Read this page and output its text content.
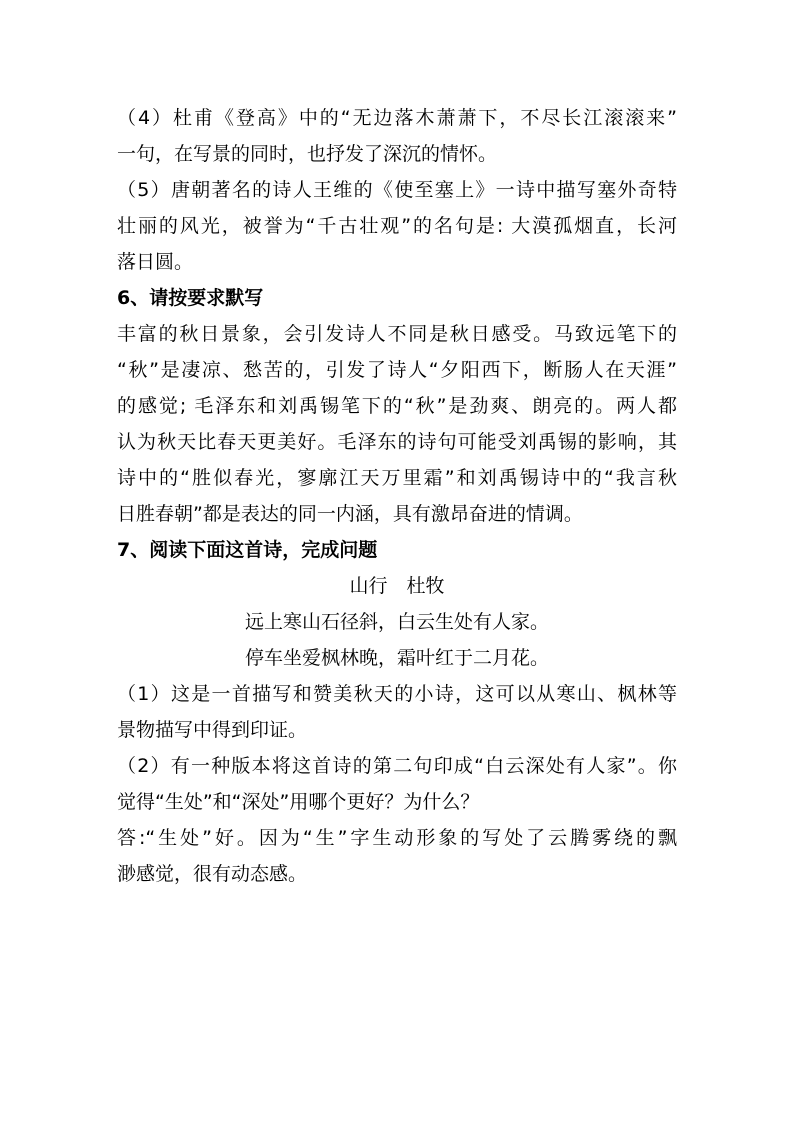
（4）杜甫《登高》中的“无边落木萧萧下，不尽长江滚滚来”
一句，在写景的同时，也抒发了深沉的情怀。
（5）唐朝著名的诗人王维的《使至塞上》一诗中描写塞外奇特
壮丽的风光，被誉为“千古壮观”的名句是: 大漠孤烟直，长河
落日圆。
6、请按要求默写
丰富的秋日景象，会引发诗人不同是秋日感受。马致远笔下的
“秋”是凄凉、愁苦的，引发了诗人“夕阳西下，断肠人在天涯”
的感觉; 毛泽东和刘禹锡笔下的“秋”是劲爽、朗亮的。两人都
认为秋天比春天更美好。毛泽东的诗句可能受刘禹锡的影响，其
诗中的“胜似春光，寥廓江天万里霜”和刘禹锡诗中的“我言秋
日胜春朝”都是表达的同一内涵，具有激昂奋进的情调。
7、阅读下面这首诗，完成问题
山行　杜牧
远上寒山石径斜，白云生处有人家。
停车坐爱枫林晚，霜叶红于二月花。
（1）这是一首描写和赞美秋天的小诗，这可以从寒山、枫林等
景物描写中得到印证。
（2）有一种版本将这首诗的第二句印成“白云深处有人家”。你
觉得“生处”和“深处”用哪个更好？为什么？
答:“生处”好。因为“生”字生动形象的写处了云腾雾绕的飘
渺感觉，很有动态感。
